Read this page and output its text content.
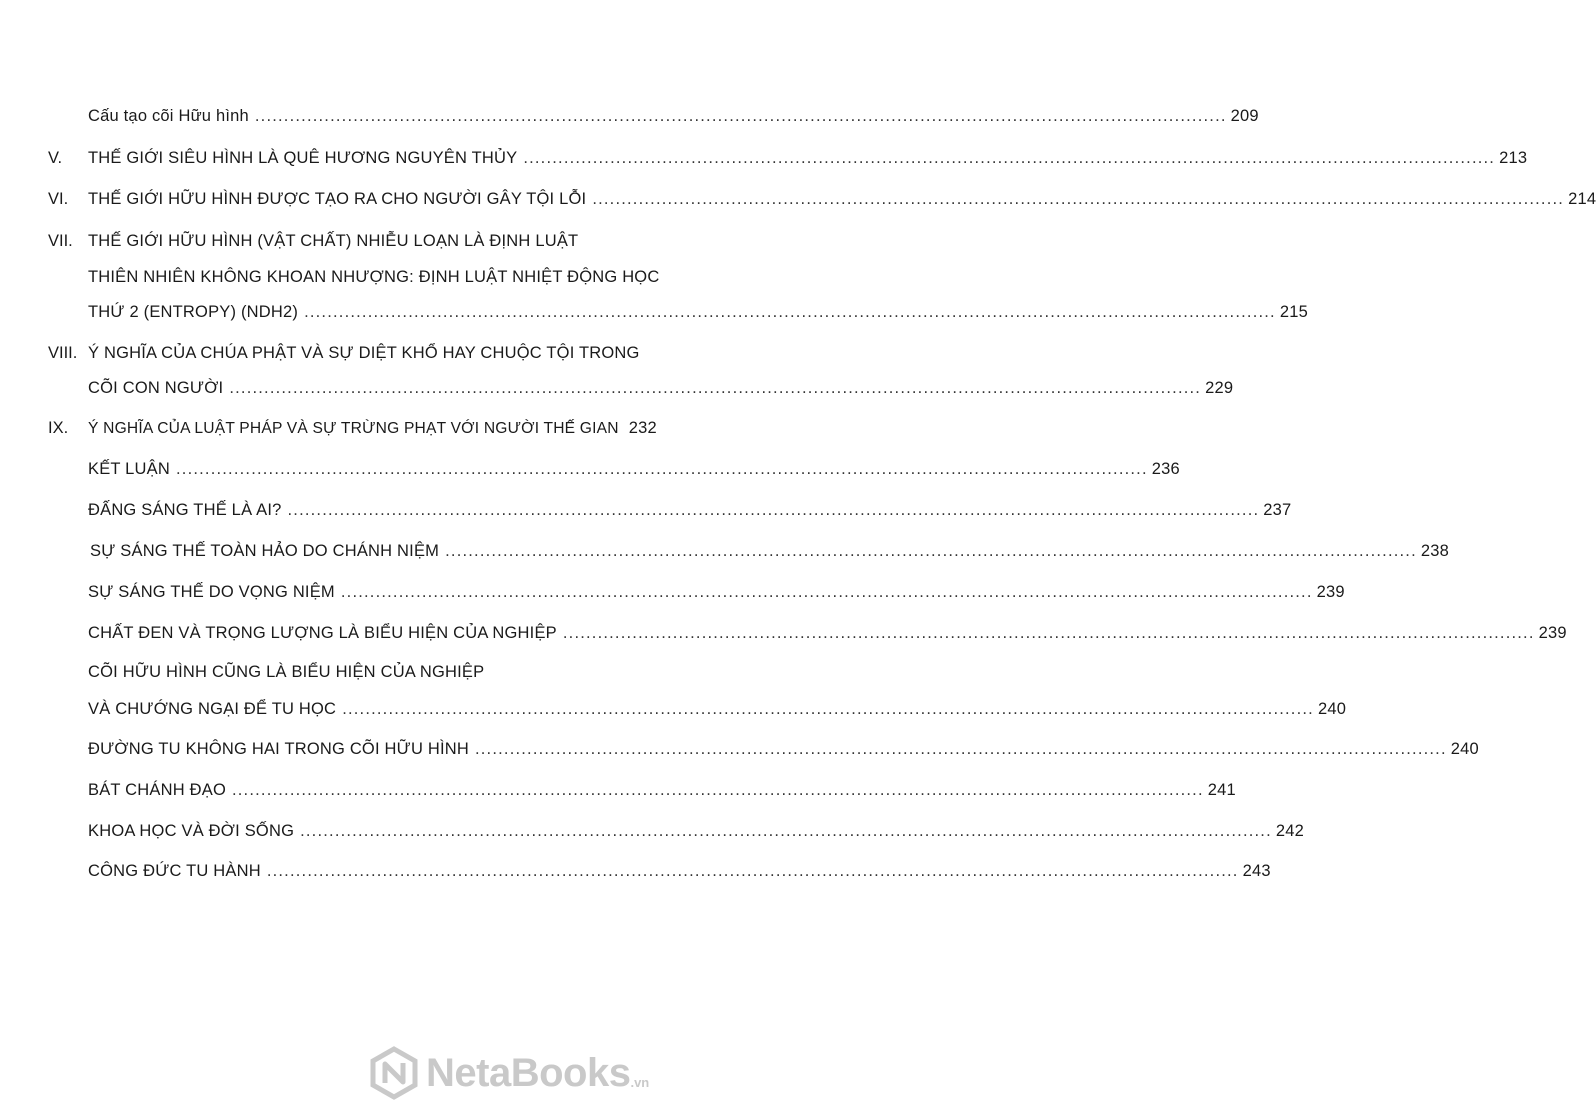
Cấu tạo cõi Hữu hình ........................................................................................................................................................................ 209
V.	THẾ GIỚI SIÊU HÌNH LÀ QUÊ HƯƠNG NGUYÊN THỦY ........................................................................................................................................................................ 213
VI.	THẾ GIỚI HỮU HÌNH ĐƯỢC TẠO RA CHO NGƯỜI GÂY TỘI LỖI ........................................................................................................................................................................ 214
VII. THẾ GIỚI HỮU HÌNH (VẬT CHẤT) NHIỄU LOẠN LÀ ĐỊNH LUẬT
THIÊN NHIÊN KHÔNG KHOAN NHƯỢNG: ĐỊNH LUẬT NHIỆT ĐỘNG HỌC
THỨ 2 (ENTROPY) (NDH2) ........................................................................................................................................................................ 215
VIII. Ý NGHĨA CỦA CHÚA PHẬT VÀ SỰ DIỆT KHỔ HAY CHUỘC TỘI TRONG
CÕI CON NGƯỜI ........................................................................................................................................................................ 229
IX.	Ý NGHĨA CỦA LUẬT PHÁP VÀ SỰ TRỪNG PHẠT VỚI NGƯỜI THẾ GIAN 232
KẾT LUẬN ........................................................................................................................................................................ 236
ĐẤNG SÁNG THẾ LÀ AI? ........................................................................................................................................................................ 237
SỰ SÁNG THẾ TOÀN HẢO DO CHÁNH NIỆM ........................................................................................................................................................................ 238
SỰ SÁNG THẾ DO VỌNG NIỆM ........................................................................................................................................................................ 239
CHẤT ĐEN VÀ TRỌNG LƯỢNG LÀ BIỂU HIỆN CỦA NGHIỆP ........................................................................................................................................................................ 239
CÕI HỮU HÌNH CŨNG LÀ BIỂU HIỆN CỦA NGHIỆP
VÀ CHƯỚNG NGẠI ĐỂ TU HỌC ........................................................................................................................................................................ 240
ĐƯỜNG TU KHÔNG HAI TRONG CÕI HỮU HÌNH ........................................................................................................................................................................ 240
BÁT CHÁNH ĐẠO ........................................................................................................................................................................ 241
KHOA HỌC VÀ ĐỜI SỐNG ........................................................................................................................................................................ 242
CÔNG ĐỨC TU HÀNH ........................................................................................................................................................................ 243
NetaBooks .vn
